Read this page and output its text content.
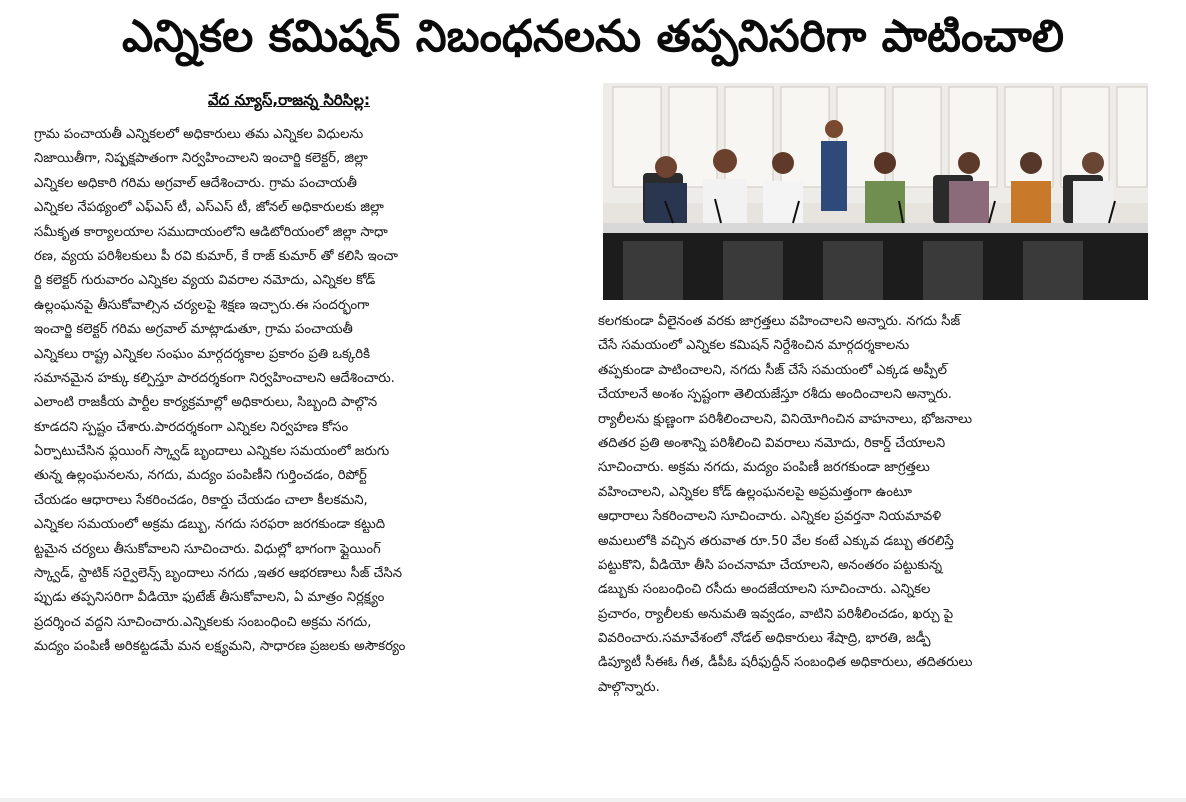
ఎన్నికల కమిషన్ నిబంధనలను తప్పనిసరిగా పాటించాలి
వేద న్యూస్,రాజన్న సిరిసిల్ల:
గ్రామ పంచాయతీ ఎన్నికలలో అధికారులు తమ ఎన్నికల విధులను
నిజాయితీగా, నిష్పక్షపాతంగా నిర్వహించాలని ఇంచార్జి కలెక్టర్, జిల్లా
ఎన్నికల అధికారి గరిమ అగ్రవాల్ ఆదేశించారు. గ్రామ పంచాయతీ
ఎన్నికల నేపథ్యంలో ఎఫ్ఎస్ టీ, ఎస్ఎస్ టీ, జోనల్ అధికారులకు జిల్లా
సమీకృత కార్యాలయాల సముదాయంలోని ఆడిటోరియంలో జిల్లా సాధా
రణ, వ్యయ పరిశీలకులు పీ రవి కుమార్, కే రాజ్ కుమార్ తో కలిసి ఇంచా
ర్జి కలెక్టర్ గురువారం ఎన్నికల వ్యయ వివరాల నమోదు, ఎన్నికల కోడ్
ఉల్లంఘనపై తీసుకోవాల్సిన చర్యలపై శిక్షణ ఇచ్చారు.ఈ సందర్భంగా
ఇంచార్జి కలెక్టర్ గరిమ అగ్రవాల్ మాట్లాడుతూ, గ్రామ పంచాయతీ
ఎన్నికలు రాష్ట్ర ఎన్నికల సంఘం మార్గదర్శకాల ప్రకారం ప్రతి ఒక్కరికి
సమానమైన హక్కు కల్పిస్తూ పారదర్శకంగా నిర్వహించాలని ఆదేశించారు.
ఎలాంటి రాజకీయ పార్టీల కార్యక్రమాల్లో అధికారులు, సిబ్బంది పాల్గొన
కూడదని స్పష్టం చేశారు.పారదర్శకంగా ఎన్నికల నిర్వహణ కోసం
ఏర్పాటుచేసిన ఫ్లయింగ్ స్క్వాడ్ బృందాలు ఎన్నికల సమయంలో జరుగు
తున్న ఉల్లంఘనలను, నగదు, మద్యం పంపిణీని గుర్తించడం, రిపోర్ట్
చేయడం ఆధారాలు సేకరించడం, రికార్డు చేయడం చాలా కీలకమని,
ఎన్నికల సమయంలో అక్రమ డబ్బు, నగదు సరఫరా జరగకుండా కట్టుది
ట్టమైన చర్యలు తీసుకోవాలని సూచించారు. విధుల్లో భాగంగా ఫ్లైయింగ్
స్క్వాడ్, స్టాటిక్ సర్వైలెన్స్ బృందాలు నగదు ,ఇతర ఆభరణాలు సీజ్ చేసిన
ప్పుడు తప్పనిసరిగా వీడియో ఫుటేజ్ తీసుకోవాలని, ఏ మాత్రం నిర్లక్ష్యం
ప్రదర్శించ వద్దని సూచించారు.ఎన్నికలకు సంబంధించి అక్రమ నగదు,
మద్యం పంపిణీ అరికట్టడమే మన లక్ష్యమని, సాధారణ ప్రజలకు అసౌకర్యం
కలగకుండా వీలైనంత వరకు జాగ్రత్తలు వహించాలని అన్నారు. నగదు సీజ్
చేసే సమయంలో ఎన్నికల కమిషన్ నిర్దేశించిన మార్గదర్శకాలను
తప్పకుండా పాటించాలని, నగదు సీజ్ చేసే సమయంలో ఎక్కడ అప్పీల్
చేయాలనే అంశం స్పష్టంగా తెలియజేస్తూ రశీదు అందించాలని అన్నారు.
ర్యాలీలను క్షుణ్ణంగా పరిశీలించాలని, వినియోగించిన వాహనాలు, భోజనాలు
తదితర ప్రతి అంశాన్ని పరిశీలించి వివరాలు నమోదు, రికార్డ్ చేయాలని
సూచించారు. అక్రమ నగదు, మద్యం పంపిణీ జరగకుండా జాగ్రత్తలు
వహించాలని, ఎన్నికల కోడ్ ఉల్లంఘనలపై అప్రమత్తంగా ఉంటూ
ఆధారాలు సేకరించాలని సూచించారు. ఎన్నికల ప్రవర్తనా నియమావళి
అమలులోకి వచ్చిన తరువాత రూ.50 వేల కంటే ఎక్కువ డబ్బు తరలిస్తే
పట్టుకొని, వీడియో తీసి పంచనామా చేయాలని, అనంతరం పట్టుకున్న
డబ్బుకు సంబంధించి రసీదు అందజేయాలని సూచించారు. ఎన్నికల
ప్రచారం, ర్యాలీలకు అనుమతి ఇవ్వడం, వాటిని పరిశీలించడం, ఖర్చు పై
వివరించారు.సమావేశంలో నోడల్ అధికారులు శేషాద్రి, భారతి, జడ్పీ
డిప్యూటీ సీఈఓ గీత, డీపీఓ షరీఫుద్దీన్ సంబంధిత అధికారులు, తదితరులు
పాల్గొన్నారు.
